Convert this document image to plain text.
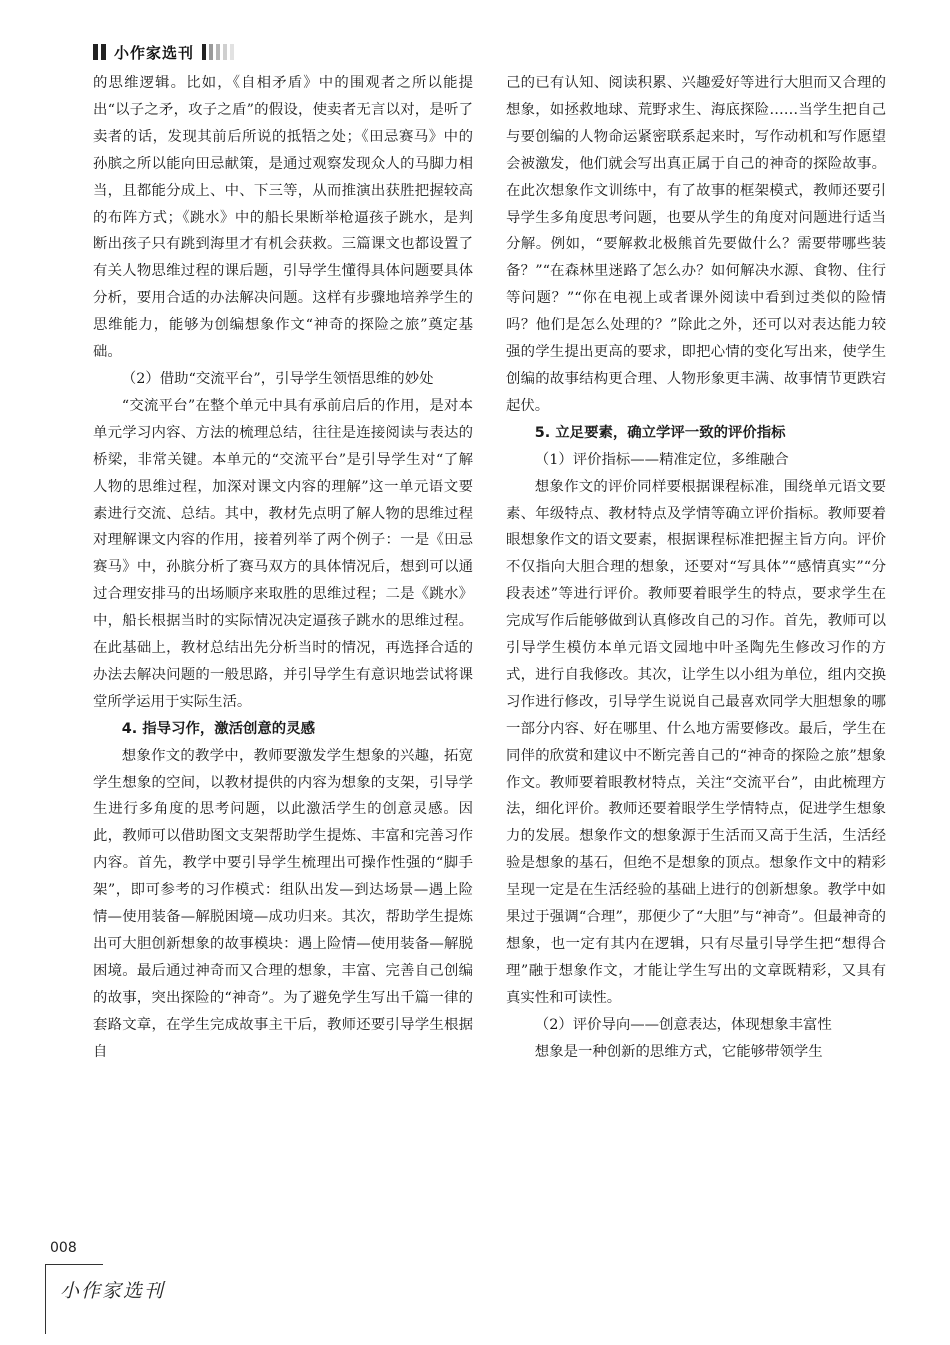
小作家选刊

的思维逻辑。比如，《自相矛盾》中的围观者之所以能提出“以子之矛，攻子之盾”的假设，使卖者无言以对，是听了卖者的话，发现其前后所说的抵牾之处；《田忌赛马》中的孙膑之所以能向田忌献策，是通过观察发现众人的马脚力相当，且都能分成上、中、下三等，从而推演出获胜把握较高的布阵方式；《跳水》中的船长果断举枪逼孩子跳水，是判断出孩子只有跳到海里才有机会获救。三篇课文也都设置了有关人物思维过程的课后题，引导学生懂得具体问题要具体分析，要用合适的办法解决问题。这样有步骤地培养学生的思维能力，能够为创编想象作文“神奇的探险之旅”奠定基础。

（2）借助“交流平台”，引导学生领悟思维的妙处

“交流平台”在整个单元中具有承前启后的作用，是对本单元学习内容、方法的梳理总结，往往是连接阅读与表达的桥梁，非常关键。本单元的“交流平台”是引导学生对“了解人物的思维过程，加深对课文内容的理解”这一单元语文要素进行交流、总结。其中，教材先点明了解人物的思维过程对理解课文内容的作用，接着列举了两个例子：一是《田忌赛马》中，孙膑分析了赛马双方的具体情况后，想到可以通过合理安排马的出场顺序来取胜的思维过程；二是《跳水》中，船长根据当时的实际情况决定逼孩子跳水的思维过程。在此基础上，教材总结出先分析当时的情况，再选择合适的办法去解决问题的一般思路，并引导学生有意识地尝试将课堂所学运用于实际生活。

4. 指导习作，激活创意的灵感

想象作文的教学中，教师要激发学生想象的兴趣，拓宽学生想象的空间，以教材提供的内容为想象的支架，引导学生进行多角度的思考问题，以此激活学生的创意灵感。因此，教师可以借助图文支架帮助学生提炼、丰富和完善习作内容。首先，教学中要引导学生梳理出可操作性强的“脚手架”，即可参考的习作模式：组队出发—到达场景—遇上险情—使用装备—解脱困境—成功归来。其次，帮助学生提炼出可大胆创新想象的故事模块：遇上险情—使用装备—解脱困境。最后通过神奇而又合理的想象，丰富、完善自己创编的故事，突出探险的“神奇”。为了避免学生写出千篇一律的套路文章，在学生完成故事主干后，教师还要引导学生根据自

己的已有认知、阅读积累、兴趣爱好等进行大胆而又合理的想象，如拯救地球、荒野求生、海底探险……当学生把自己与要创编的人物命运紧密联系起来时，写作动机和写作愿望会被激发，他们就会写出真正属于自己的神奇的探险故事。在此次想象作文训练中，有了故事的框架模式，教师还要引导学生多角度思考问题，也要从学生的角度对问题进行适当分解。例如，“要解救北极熊首先要做什么？需要带哪些装备？”“在森林里迷路了怎么办？如何解决水源、食物、住行等问题？”“你在电视上或者课外阅读中看到过类似的险情吗？他们是怎么处理的？”除此之外，还可以对表达能力较强的学生提出更高的要求，即把心情的变化写出来，使学生创编的故事结构更合理、人物形象更丰满、故事情节更跌宕起伏。

5. 立足要素，确立学评一致的评价指标

（1）评价指标——精准定位，多维融合

想象作文的评价同样要根据课程标准，围绕单元语文要素、年级特点、教材特点及学情等确立评价指标。教师要着眼想象作文的语文要素，根据课程标准把握主旨方向。评价不仅指向大胆合理的想象，还要对“写具体”“感情真实”“分段表述”等进行评价。教师要着眼学生的特点，要求学生在完成写作后能够做到认真修改自己的习作。首先，教师可以引导学生模仿本单元语文园地中叶圣陶先生修改习作的方式，进行自我修改。其次，让学生以小组为单位，组内交换习作进行修改，引导学生说说自己最喜欢同学大胆想象的哪一部分内容、好在哪里、什么地方需要修改。最后，学生在同伴的欣赏和建议中不断完善自己的“神奇的探险之旅”想象作文。教师要着眼教材特点，关注“交流平台”，由此梳理方法，细化评价。教师还要着眼学生学情特点，促进学生想象力的发展。想象作文的想象源于生活而又高于生活，生活经验是想象的基石，但绝不是想象的顶点。想象作文中的精彩呈现一定是在生活经验的基础上进行的创新想象。教学中如果过于强调“合理”，那便少了“大胆”与“神奇”。但最神奇的想象，也一定有其内在逻辑，只有尽量引导学生把“想得合理”融于想象作文，才能让学生写出的文章既精彩，又具有真实性和可读性。

（2）评价导向——创意表达，体现想象丰富性

想象是一种创新的思维方式，它能够带领学生

008
小作家选刊
